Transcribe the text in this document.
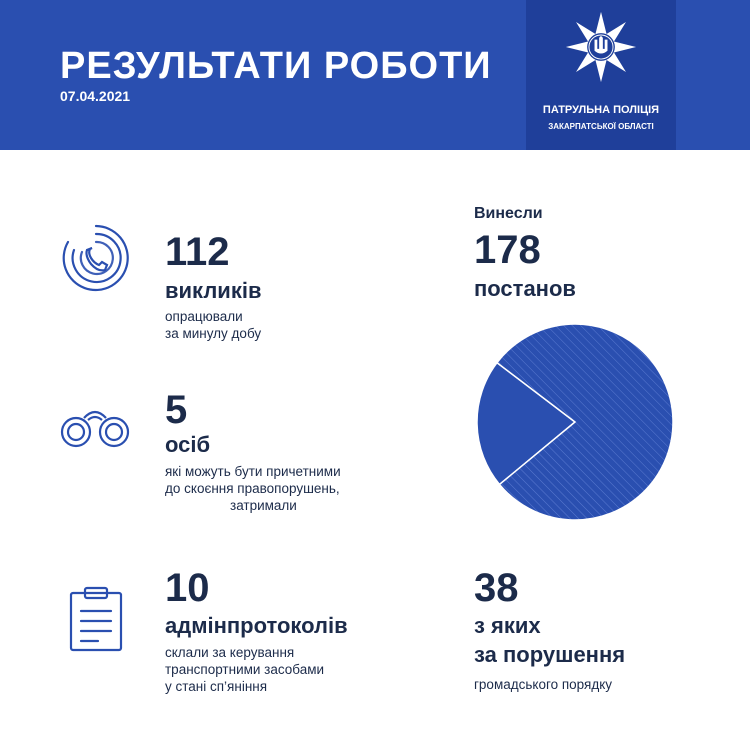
РЕЗУЛЬТАТИ РОБОТИ
07.04.2021
ПАТРУЛЬНА ПОЛІЦІЯ
ЗАКАРПАТСЬКОЇ ОБЛАСТІ
112
викликів
опрацювали
за минулу добу
5
осіб
які можуть бути причетними
до скоєння правопорушень,
затримали
10
адмінпротоколів
склали за керування
транспортними засобами
у стані сп’яніння
Винесли
178
постанов
38
з яких
за порушення
громадського порядку
